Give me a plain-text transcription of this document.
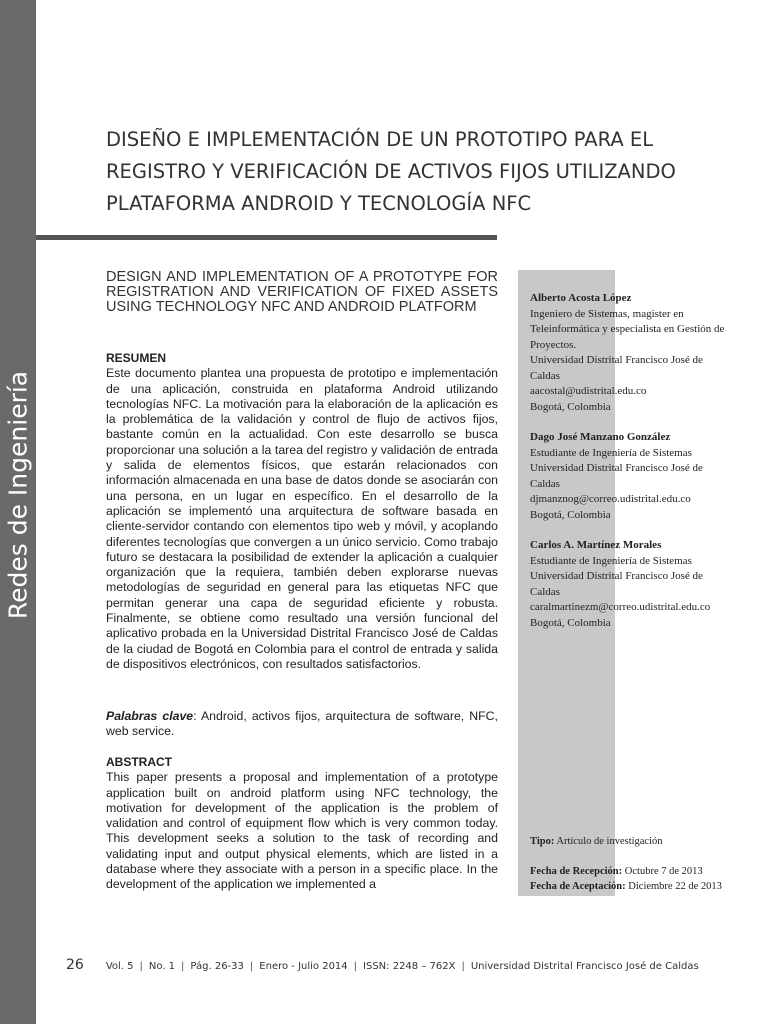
Redes de Ingeniería
DISEÑO E IMPLEMENTACIÓN DE UN PROTOTIPO PARA EL REGISTRO Y VERIFICACIÓN DE ACTIVOS FIJOS UTILIZANDO PLATAFORMA ANDROID Y TECNOLOGÍA NFC
DESIGN AND IMPLEMENTATION OF A PROTOTYPE FOR REGISTRATION AND VERIFICATION OF FIXED ASSETS USING TECHNOLOGY NFC AND ANDROID PLATFORM

RESUMEN

Este documento plantea una propuesta de prototipo e implementación de una aplicación, construida en plataforma Android utilizando tecnologías NFC. La motivación para la elaboración de la aplicación es la problemática de la validación y control de flujo de activos fijos, bastante común en la actualidad. Con este desarrollo se busca proporcionar una solución a la tarea del registro y validación de entrada y salida de elementos físicos, que estarán relacionados con información almacenada en una base de datos donde se asociarán con una persona, en un lugar en específico. En el desarrollo de la aplicación se implementó una arquitectura de software basada en cliente-servidor contando con elementos tipo web y móvil, y acoplando diferentes tecnologías que convergen a un único servicio. Como trabajo futuro se destacara la posibilidad de extender la aplicación a cualquier organización que la requiera, también deben explorarse nuevas metodologías de seguridad en general para las etiquetas NFC que permitan generar una capa de seguridad eficiente y robusta. Finalmente, se obtiene como resultado una versión funcional del aplicativo probada en la Universidad Distrital Francisco José de Caldas de la ciudad de Bogotá en Colombia para el control de entrada y salida de dispositivos electrónicos, con resultados satisfactorios.

Palabras clave: Android, activos fijos, arquitectura de software, NFC, web service.

ABSTRACT

This paper presents a proposal and implementation of a prototype application built on android platform using NFC technology, the motivation for development of the application is the problem of validation and control of equipment flow which is very common today. This development seeks a solution to the task of recording and validating input and output physical elements, which are listed in a database where they associate with a person in a specific place. In the development of the application we implemented a

Alberto Acosta López
Ingeniero de Sistemas, magister en Teleinformática y especialista en Gestión de Proyectos.
Universidad Distrital Francisco José de Caldas
aacostal@udistrital.edu.co
Bogotá, Colombia
Dago José Manzano González
Estudiante de Ingeniería de Sistemas
Universidad Distrital Francisco José de Caldas
djmanznog@correo.udistrital.edu.co
Bogotá, Colombia
Carlos A. Martínez Morales
Estudiante de Ingeniería de Sistemas
Universidad Distrital Francisco José de Caldas
caralmartinezm@correo.udistrital.edu.co
Bogotá, Colombia
Tipo: Artículo de investigación
Fecha de Recepción: Octubre 7 de 2013
Fecha de Aceptación: Diciembre 22 de 2013
26 Vol. 5 | No. 1 | Pág. 26-33 | Enero - Julio 2014 | ISSN: 2248 – 762X | Universidad Distrital Francisco José de Caldas
